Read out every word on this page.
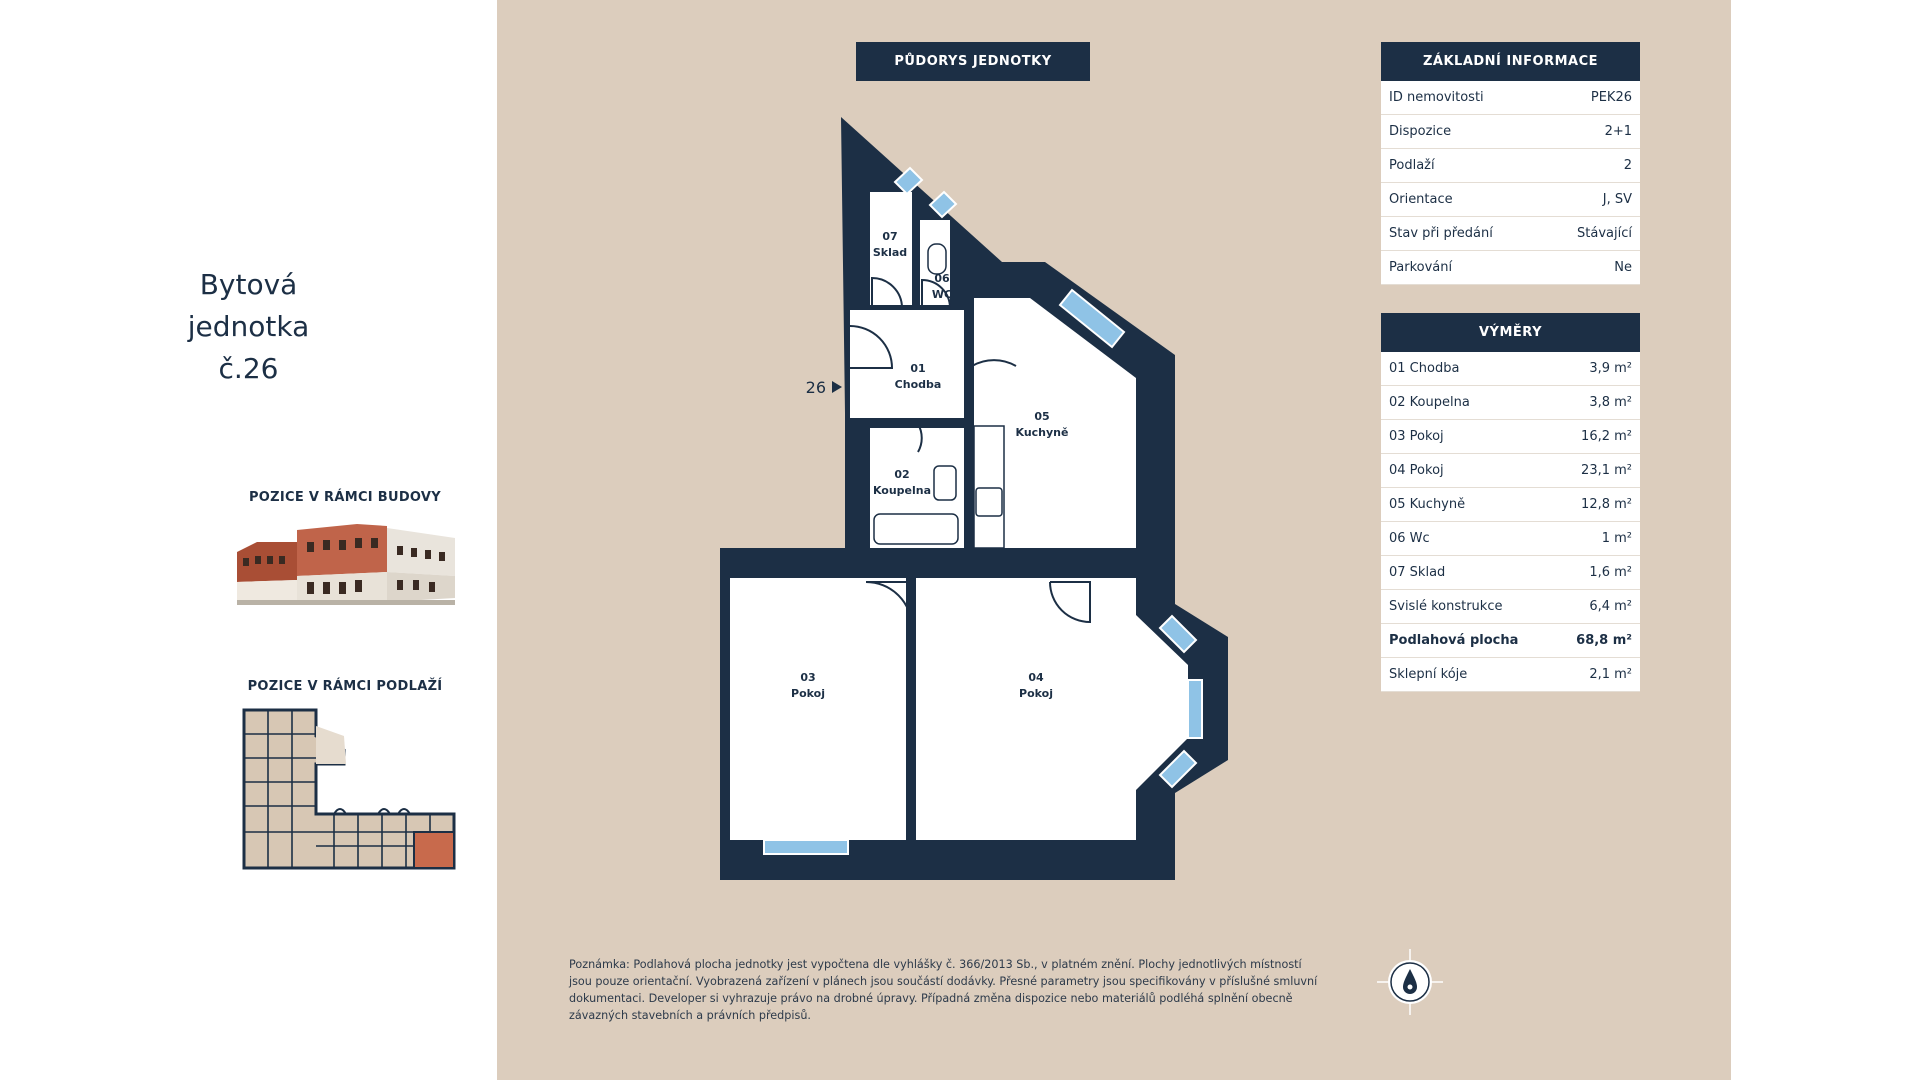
Bytová
jednotka
č.26
POZICE V RÁMCI BUDOVY
POZICE V RÁMCI PODLAŽÍ
PŮDORYS JEDNOTKY
07
Sklad
06
WC
01
Chodba
05
Kuchyně
02
Koupelna
03
Pokoj
04
Pokoj
26
ZÁKLADNÍ INFORMACE
ID nemovitosti	PEK26
Dispozice	2+1
Podlaží	2
Orientace	J, SV
Stav při předání	Stávající
Parkování	Ne
VÝMĚRY
01 Chodba	3,9 m²
02 Koupelna	3,8 m²
03 Pokoj	16,2 m²
04 Pokoj	23,1 m²
05 Kuchyně	12,8 m²
06 Wc	1 m²
07 Sklad	1,6 m²
Svislé konstrukce	6,4 m²
Podlahová plocha	68,8 m²
Sklepní kóje	2,1 m²
Poznámka: Podlahová plocha jednotky jest vypočtena dle vyhlášky č. 366/2013 Sb., v platném znění. Plochy jednotlivých místností jsou pouze orientační. Vyobrazená zařízení v plánech jsou součástí dodávky. Přesné parametry jsou specifikovány v příslušné smluvní dokumentaci. Developer si vyhrazuje právo na drobné úpravy. Případná změna dispozice nebo materiálů podléhá splnění obecně závazných stavebních a právních předpisů.
